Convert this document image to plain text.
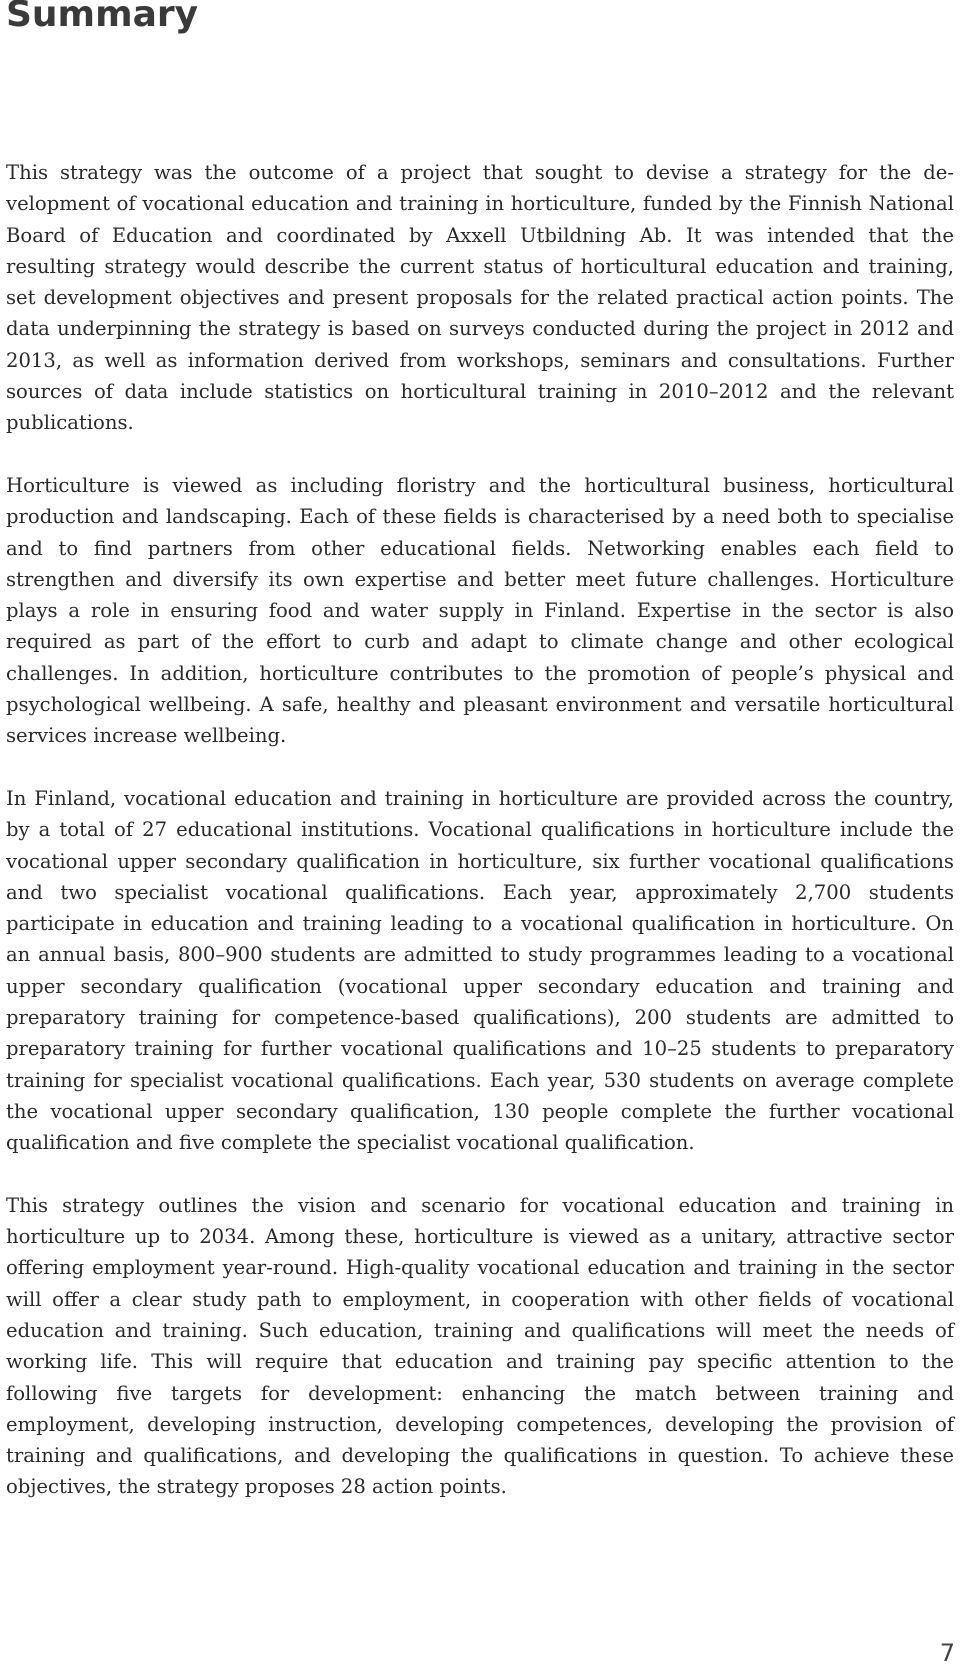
Summary

This strategy was the outcome of a project that sought to devise a strategy for the development of vocational education and training in horticulture, funded by the Finnish National Board of Education and coordinated by Axxell Utbildning Ab. It was intended that the resulting strategy would describe the current status of horticultural education and training, set development objectives and present proposals for the related practical action points. The data underpinning the strategy is based on surveys conducted during the project in 2012 and 2013, as well as information derived from workshops, seminars and consultations. Further sources of data include statistics on horticultural training in 2010–2012 and the relevant publications.

Horticulture is viewed as including floristry and the horticultural business, horticultural production and landscaping. Each of these fields is characterised by a need both to specialise and to find partners from other educational fields. Networking enables each field to strengthen and diversify its own expertise and better meet future challenges. Horticulture plays a role in ensuring food and water supply in Finland. Expertise in the sector is also required as part of the effort to curb and adapt to climate change and other ecological challenges. In addition, horticulture contributes to the promotion of people’s physical and psychological wellbeing. A safe, healthy and pleasant environment and versatile horticultural services increase wellbeing.

In Finland, vocational education and training in horticulture are provided across the country, by a total of 27 educational institutions. Vocational qualifications in horticulture include the vocational upper secondary qualification in horticulture, six further vocational qualifications and two specialist vocational qualifications. Each year, approximately 2,700 students participate in education and training leading to a vocational qualification in horticulture. On an annual basis, 800–900 students are admitted to study programmes leading to a vocational upper secondary qualification (vocational upper secondary education and training and preparatory training for competence-based qualifications), 200 students are admitted to preparatory training for further vocational qualifications and 10–25 students to preparatory training for specialist vocational qualifications. Each year, 530 students on average complete the vocational upper secondary qualification, 130 people complete the further vocational qualification and five complete the specialist vocational qualification.

This strategy outlines the vision and scenario for vocational education and training in horticulture up to 2034. Among these, horticulture is viewed as a unitary, attractive sector offering employment year-round. High-quality vocational education and training in the sector will offer a clear study path to employment, in cooperation with other fields of vocational education and training. Such education, training and qualifications will meet the needs of working life. This will require that education and training pay specific attention to the following five targets for development: enhancing the match between training and employment, developing instruction, developing competences, developing the provision of training and qualifications, and developing the qualifications in question. To achieve these objectives, the strategy proposes 28 action points.

7
